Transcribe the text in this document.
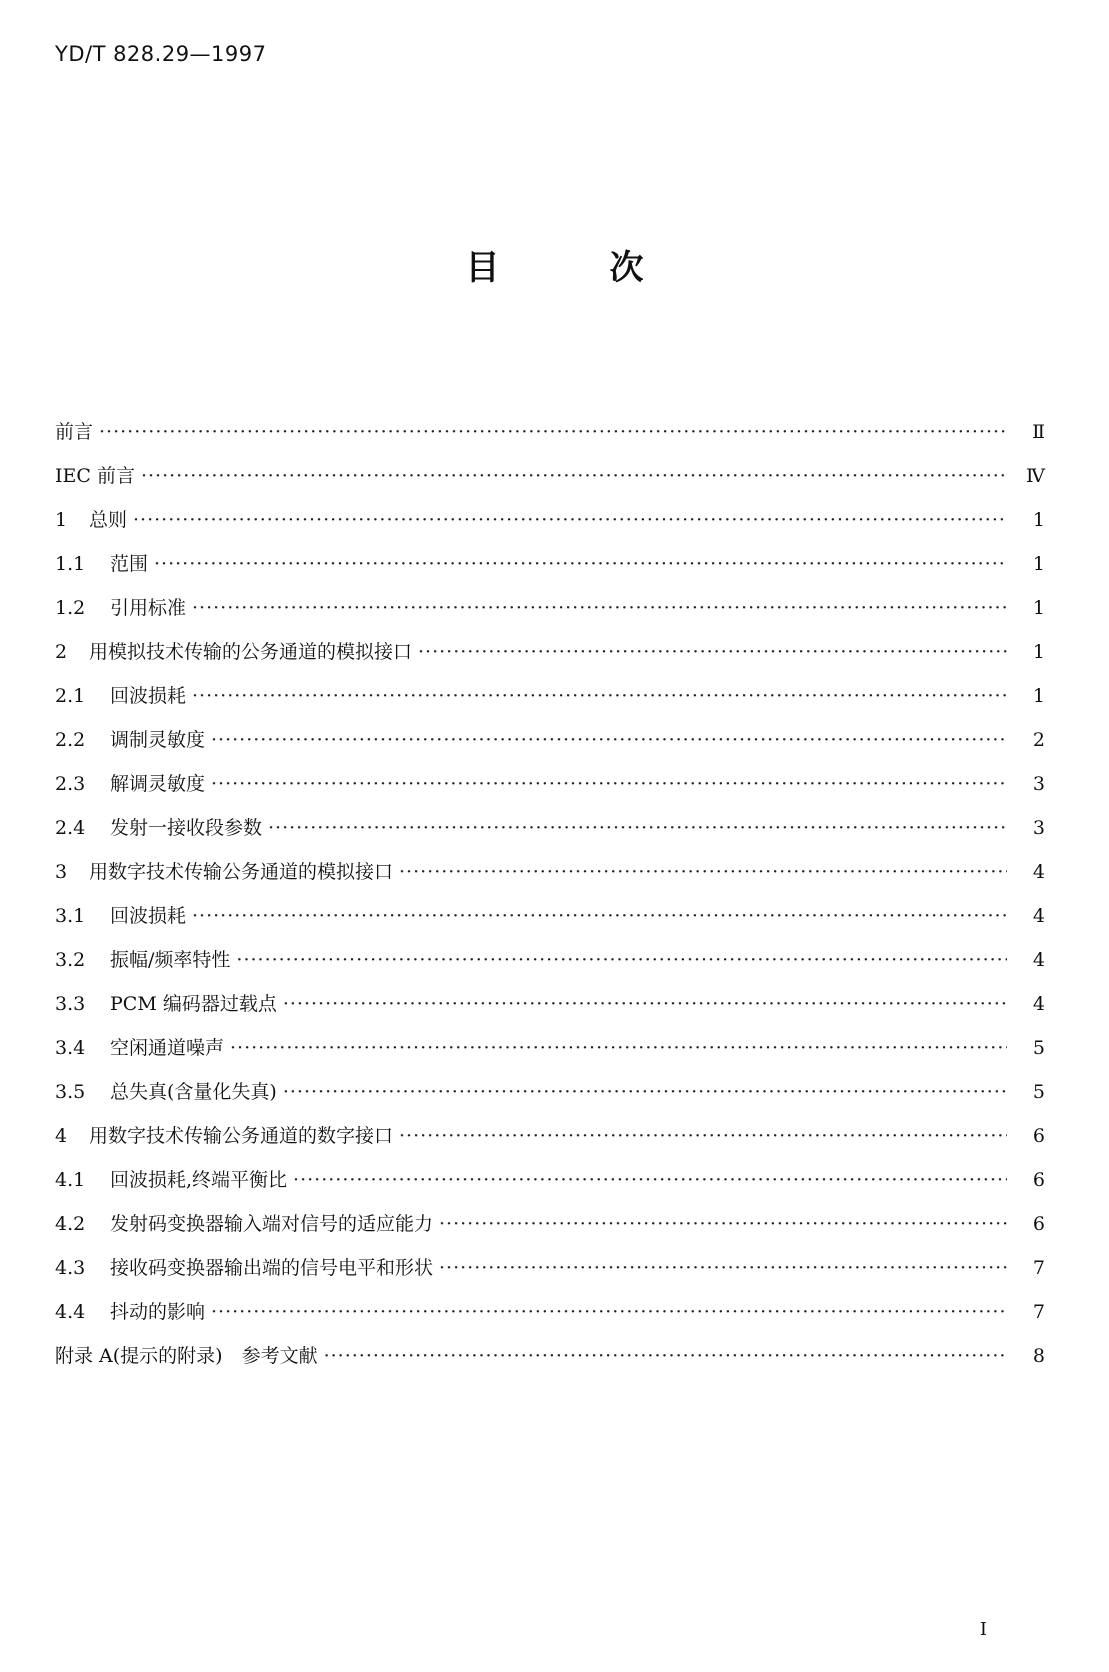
YD/T 828.29—1997
目	次
前言 ·····	Ⅱ
IEC 前言 ·····	Ⅳ
1	总则 ·····	1
1.1	范围 ·····	1
1.2	引用标准 ·····	1
2	用模拟技术传输的公务通道的模拟接口 ·····	1
2.1	回波损耗 ·····	1
2.2	调制灵敏度 ·····	2
2.3	解调灵敏度 ·····	3
2.4	发射一接收段参数 ·····	3
3	用数字技术传输公务通道的模拟接口 ·····	4
3.1	回波损耗 ·····	4
3.2	振幅/频率特性 ·····	4
3.3	PCM 编码器过载点 ·····	4
3.4	空闲通道噪声 ·····	5
3.5	总失真(含量化失真) ·····	5
4	用数字技术传输公务通道的数字接口 ·····	6
4.1	回波损耗,终端平衡比 ·····	6
4.2	发射码变换器输入端对信号的适应能力 ·····	6
4.3	接收码变换器输出端的信号电平和形状 ·····	7
4.4	抖动的影响 ·····	7
附录 A(提示的附录)　参考文献 ·····	8
I
